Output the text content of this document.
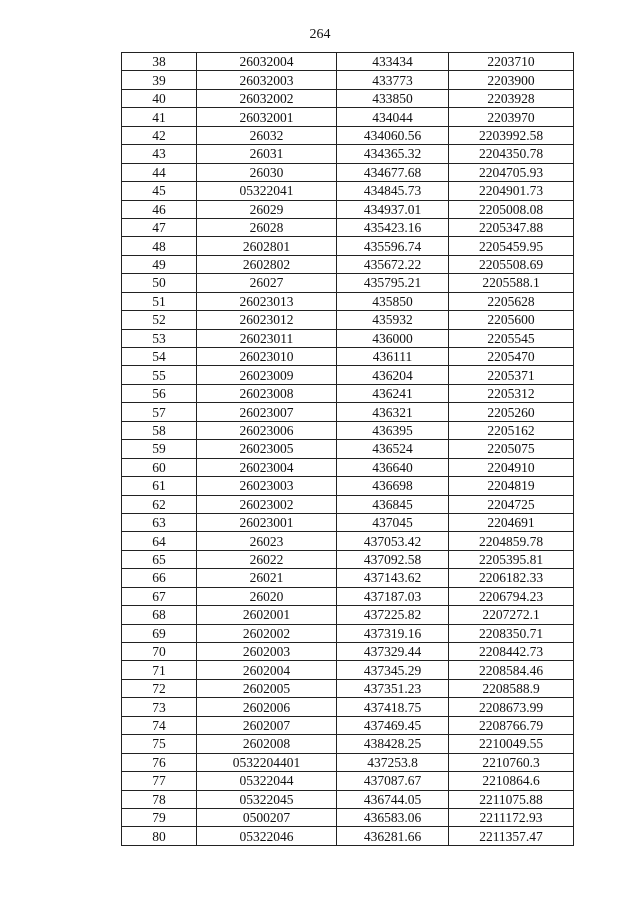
264
38	26032004	433434	2203710
39	26032003	433773	2203900
40	26032002	433850	2203928
41	26032001	434044	2203970
42	26032	434060.56	2203992.58
43	26031	434365.32	2204350.78
44	26030	434677.68	2204705.93
45	05322041	434845.73	2204901.73
46	26029	434937.01	2205008.08
47	26028	435423.16	2205347.88
48	2602801	435596.74	2205459.95
49	2602802	435672.22	2205508.69
50	26027	435795.21	2205588.1
51	26023013	435850	2205628
52	26023012	435932	2205600
53	26023011	436000	2205545
54	26023010	436111	2205470
55	26023009	436204	2205371
56	26023008	436241	2205312
57	26023007	436321	2205260
58	26023006	436395	2205162
59	26023005	436524	2205075
60	26023004	436640	2204910
61	26023003	436698	2204819
62	26023002	436845	2204725
63	26023001	437045	2204691
64	26023	437053.42	2204859.78
65	26022	437092.58	2205395.81
66	26021	437143.62	2206182.33
67	26020	437187.03	2206794.23
68	2602001	437225.82	2207272.1
69	2602002	437319.16	2208350.71
70	2602003	437329.44	2208442.73
71	2602004	437345.29	2208584.46
72	2602005	437351.23	2208588.9
73	2602006	437418.75	2208673.99
74	2602007	437469.45	2208766.79
75	2602008	438428.25	2210049.55
76	0532204401	437253.8	2210760.3
77	05322044	437087.67	2210864.6
78	05322045	436744.05	2211075.88
79	0500207	436583.06	2211172.93
80	05322046	436281.66	2211357.47
